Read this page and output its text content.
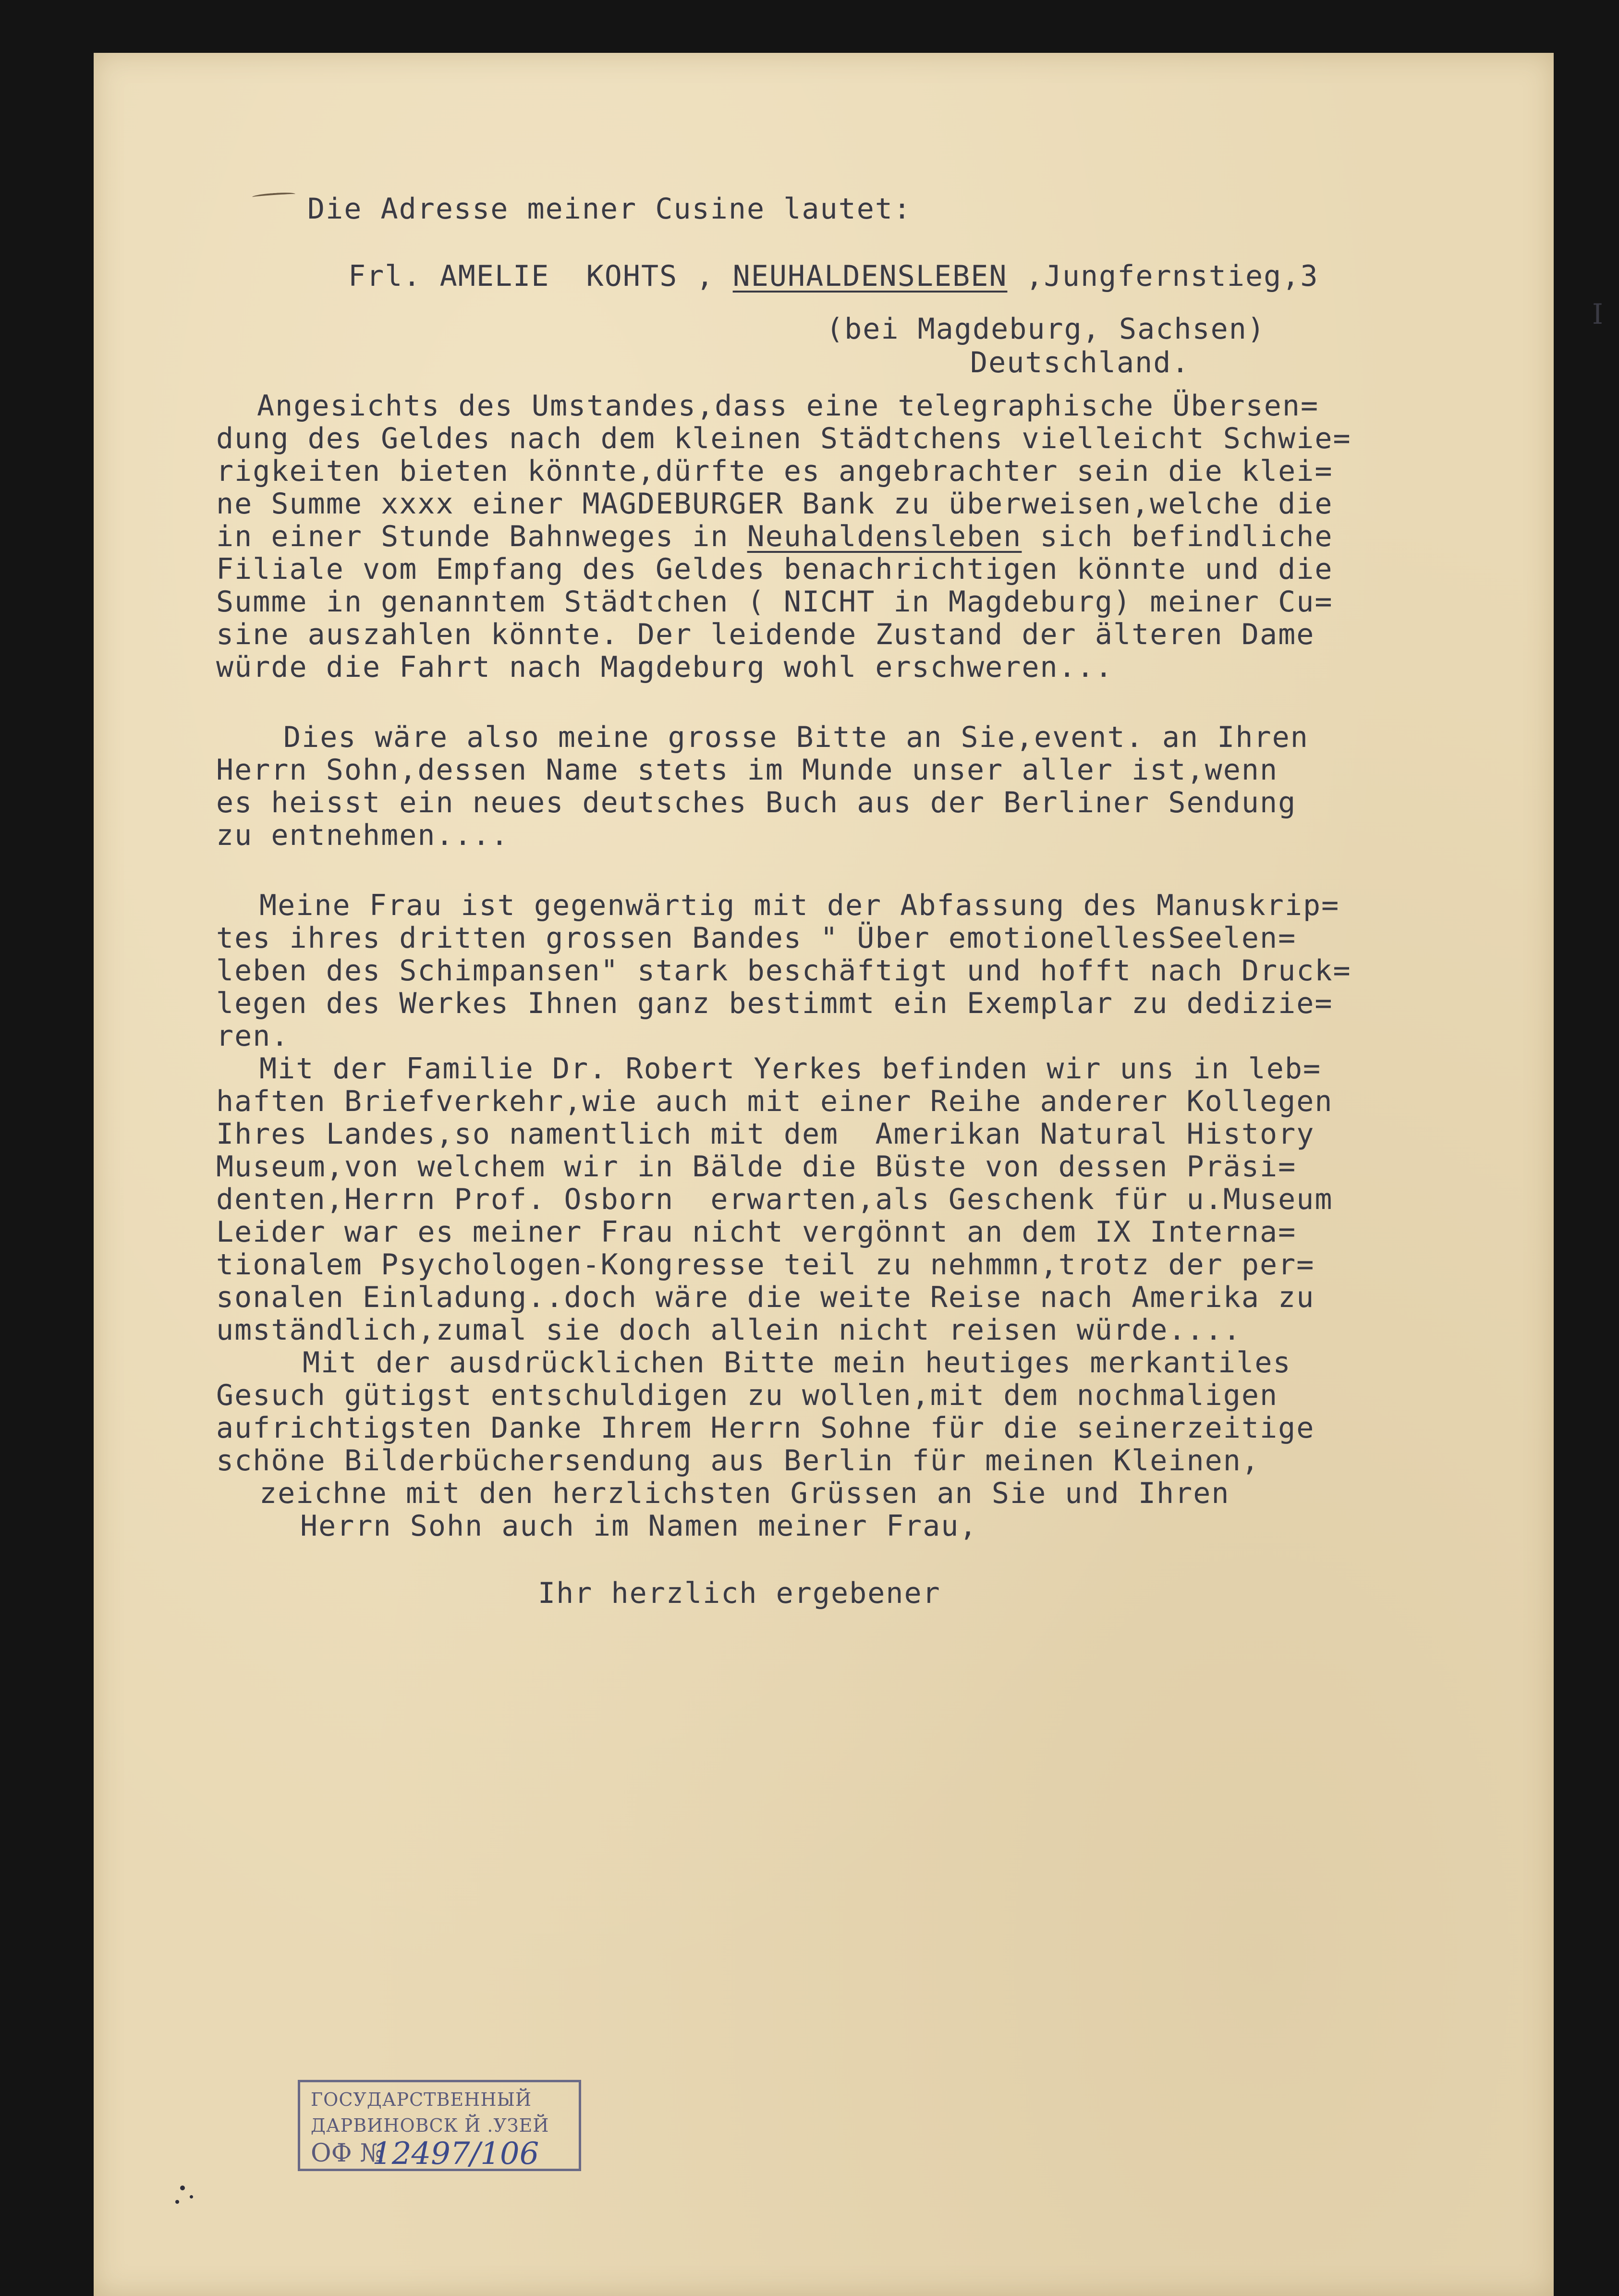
Die Adresse meiner Cusine lautet:
Frl. AMELIE  KOHTS , NEUHALDENSLEBEN ,Jungfernstieg,3
I
(bei Magdeburg, Sachsen)
Deutschland.
Angesichts des Umstandes,dass eine telegraphische Übersen=
dung des Geldes nach dem kleinen Städtchens vielleicht Schwie=
rigkeiten bieten könnte,dürfte es angebrachter sein die klei=
ne Summe xxxx einer MAGDEBURGER Bank zu überweisen,welche die
in einer Stunde Bahnweges in Neuhaldensleben sich befindliche
Filiale vom Empfang des Geldes benachrichtigen könnte und die
Summe in genanntem Städtchen ( NICHT in Magdeburg) meiner Cu=
sine auszahlen könnte. Der leidende Zustand der älteren Dame
würde die Fahrt nach Magdeburg wohl erschweren...
Dies wäre also meine grosse Bitte an Sie,event. an Ihren
Herrn Sohn,dessen Name stets im Munde unser aller ist,wenn
es heisst ein neues deutsches Buch aus der Berliner Sendung
zu entnehmen....
Meine Frau ist gegenwärtig mit der Abfassung des Manuskrip=
tes ihres dritten grossen Bandes " Über emotionellesSeelen=
leben des Schimpansen" stark beschäftigt und hofft nach Druck=
legen des Werkes Ihnen ganz bestimmt ein Exemplar zu dedizie=
ren.
Mit der Familie Dr. Robert Yerkes befinden wir uns in leb=
haften Briefverkehr,wie auch mit einer Reihe anderer Kollegen
Ihres Landes,so namentlich mit dem  Amerikan Natural History
Museum,von welchem wir in Bälde die Büste von dessen Präsi=
denten,Herrn Prof. Osborn  erwarten,als Geschenk für u.Museum
Leider war es meiner Frau nicht vergönnt an dem IX Interna=
tionalem Psychologen-Kongresse teil zu nehmmn,trotz der per=
sonalen Einladung..doch wäre die weite Reise nach Amerika zu
umständlich,zumal sie doch allein nicht reisen würde....
Mit der ausdrücklichen Bitte mein heutiges merkantiles
Gesuch gütigst entschuldigen zu wollen,mit dem nochmaligen
aufrichtigsten Danke Ihrem Herrn Sohne für die seinerzeitige
schöne Bilderbüchersendung aus Berlin für meinen Kleinen,
zeichne mit den herzlichsten Grüssen an Sie und Ihren
Herrn Sohn auch im Namen meiner Frau,
Ihr herzlich ergebener
ГОСУДАРСТВЕННЫЙ
ДАРВИНОВСК Й .УЗЕЙ
ОФ №
12497/106
